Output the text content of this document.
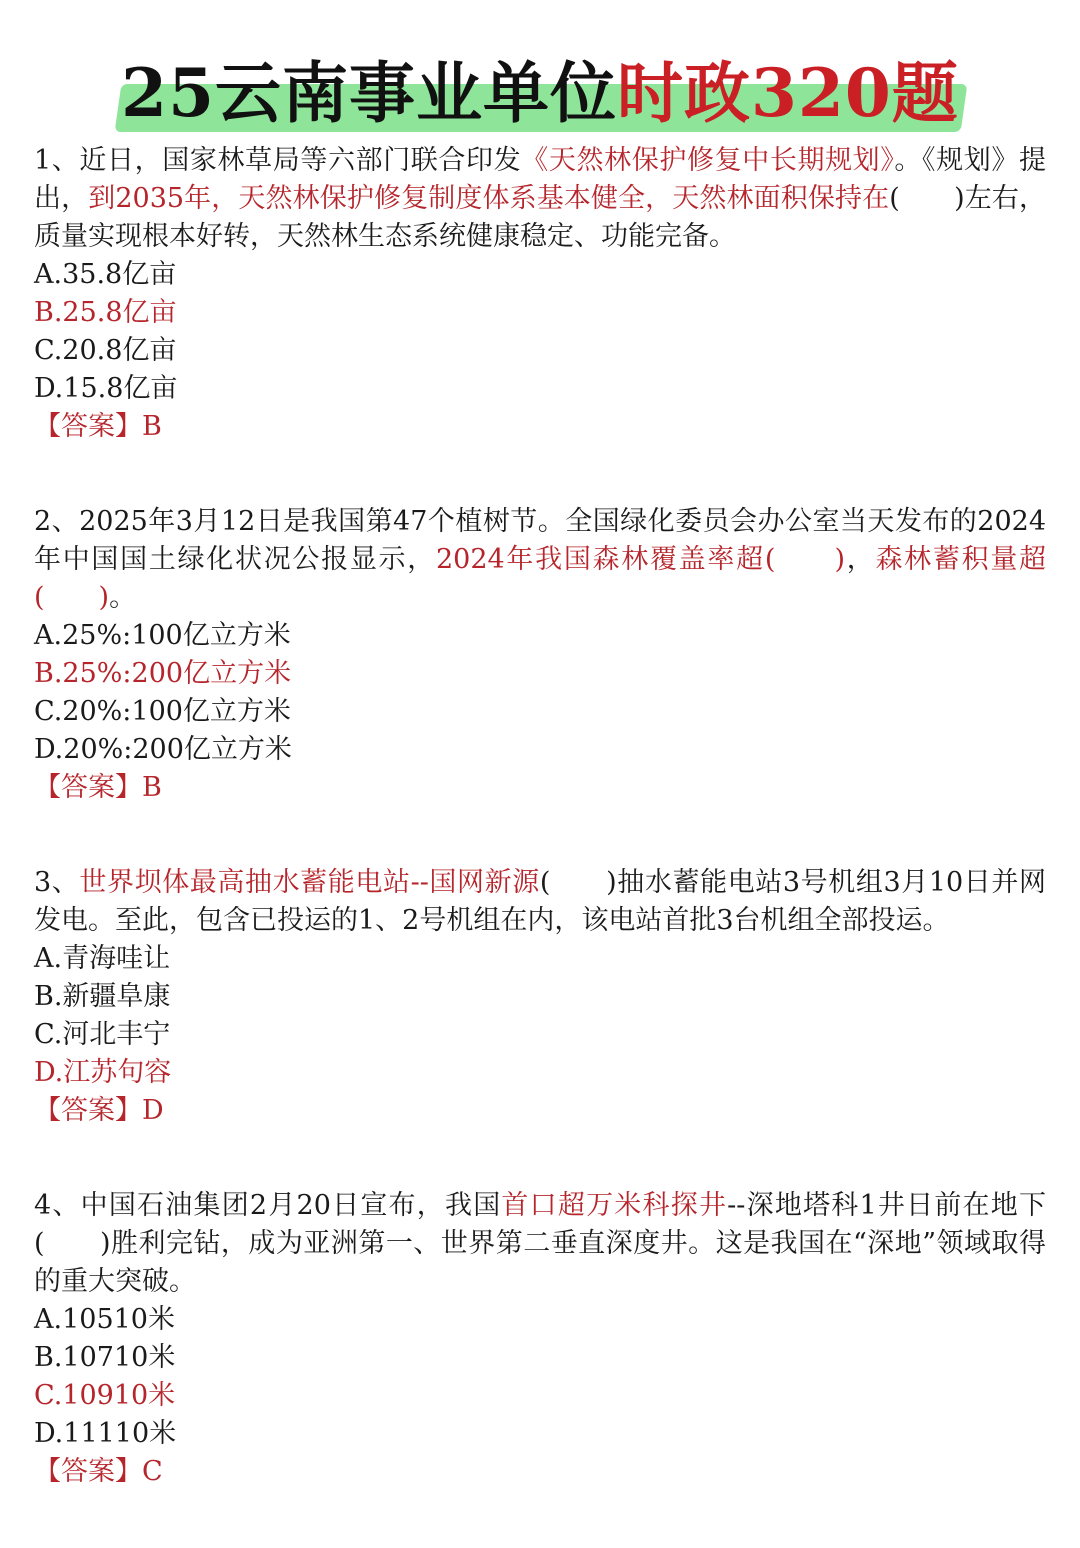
25云南事业单位时政320题

1、近日，国家林草局等六部门联合印发《天然林保护修复中长期规划》。《规划》提出，到2035年，天然林保护修复制度体系基本健全，天然林面积保持在(　　)左右，质量实现根本好转，天然林生态系统健康稳定、功能完备。

A.35.8亿亩

B.25.8亿亩

C.20.8亿亩

D.15.8亿亩

【答案】B

2、2025年3月12日是我国第47个植树节。全国绿化委员会办公室当天发布的2024年中国国土绿化状况公报显示，2024年我国森林覆盖率超(　　)，森林蓄积量超(　　)。

A.25%:100亿立方米

B.25%:200亿立方米

C.20%:100亿立方米

D.20%:200亿立方米

【答案】B

3、世界坝体最高抽水蓄能电站--国网新源(　　)抽水蓄能电站3号机组3月10日并网发电。至此，包含已投运的1、2号机组在内，该电站首批3台机组全部投运。

A.青海哇让

B.新疆阜康

C.河北丰宁

D.江苏句容

【答案】D

4、中国石油集团2月20日宣布，我国首口超万米科探井--深地塔科1井日前在地下(　　)胜利完钻，成为亚洲第一、世界第二垂直深度井。这是我国在“深地”领域取得的重大突破。

A.10510米

B.10710米

C.10910米

D.11110米

【答案】C
